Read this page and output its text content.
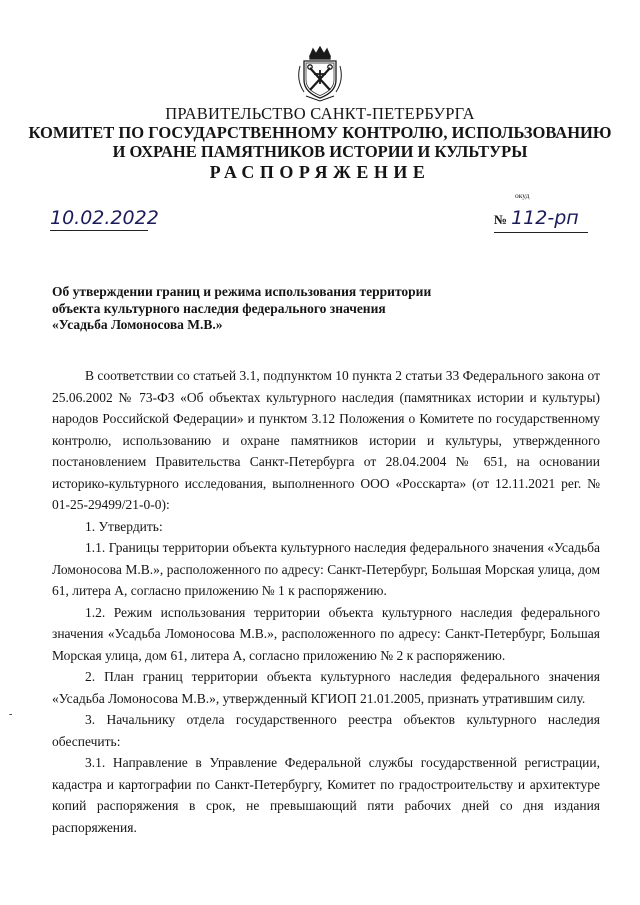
ПРАВИТЕЛЬСТВО САНКТ-ПЕТЕРБУРГА
КОМИТЕТ ПО ГОСУДАРСТВЕННОМУ КОНТРОЛЮ, ИСПОЛЬЗОВАНИЮ
И ОХРАНЕ ПАМЯТНИКОВ ИСТОРИИ И КУЛЬТУРЫ
РАСПОРЯЖЕНИЕ
окуд
10.02.2022	№ 112-рп
Об утверждении границ и режима использования территории
объекта культурного наследия федерального значения
«Усадьба Ломоносова М.В.»

В соответствии со статьей 3.1, подпунктом 10 пункта 2 статьи 33 Федерального закона от 25.06.2002 № 73-ФЗ «Об объектах культурного наследия (памятниках истории и культуры) народов Российской Федерации» и пунктом 3.12 Положения о Комитете по государственному контролю, использованию и охране памятников истории и культуры, утвержденного постановлением Правительства Санкт-Петербурга от 28.04.2004 № 651, на основании историко-культурного исследования, выполненного ООО «Росскарта» (от 12.11.2021 рег. № 01-25-29499/21-0-0):

1. Утвердить:

1.1. Границы территории объекта культурного наследия федерального значения «Усадьба Ломоносова М.В.», расположенного по адресу: Санкт-Петербург, Большая Морская улица, дом 61, литера А, согласно приложению № 1 к распоряжению.

1.2. Режим использования территории объекта культурного наследия федерального значения «Усадьба Ломоносова М.В.», расположенного по адресу: Санкт-Петербург, Большая Морская улица, дом 61, литера А, согласно приложению № 2 к распоряжению.

2. План границ территории объекта культурного наследия федерального значения «Усадьба Ломоносова М.В.», утвержденный КГИОП 21.01.2005, признать утратившим силу.

3. Начальнику отдела государственного реестра объектов культурного наследия обеспечить:

3.1. Направление в Управление Федеральной службы государственной регистрации, кадастра и картографии по Санкт-Петербургу, Комитет по градостроительству и архитектуре копий распоряжения в срок, не превышающий пяти рабочих дней со дня издания распоряжения.

-
